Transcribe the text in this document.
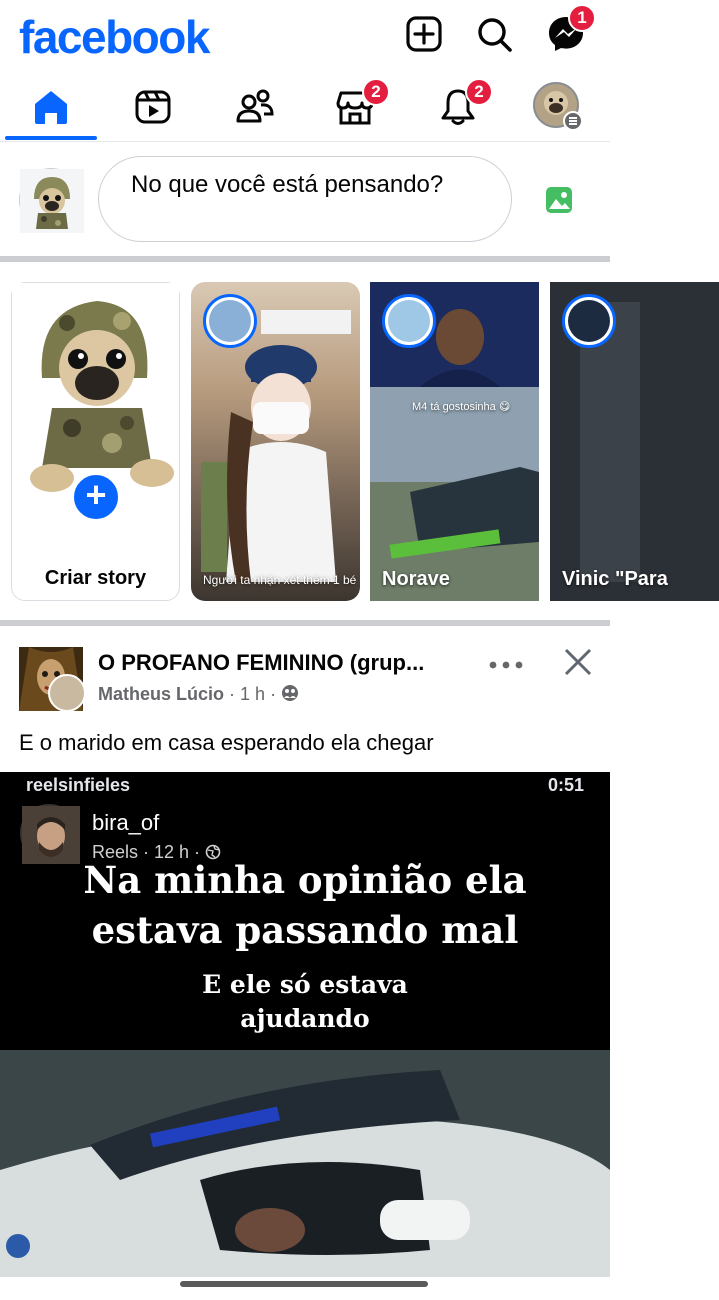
facebook	1
2	2
No que você está pensando?
+
Criar story	Người ta nhận xét thêm 1 bé
M4 tá gostosinha 😋
Norave	Vinic "Para
O PROFANO FEMININO (grup...
Matheus Lúcio · 1 h ·
E o marido em casa esperando ela chegar
reelsinfieles	0:51
bira_of
Reels · 12 h ·
Na minha opinião ela
estava passando mal
E ele só estava
ajudando
